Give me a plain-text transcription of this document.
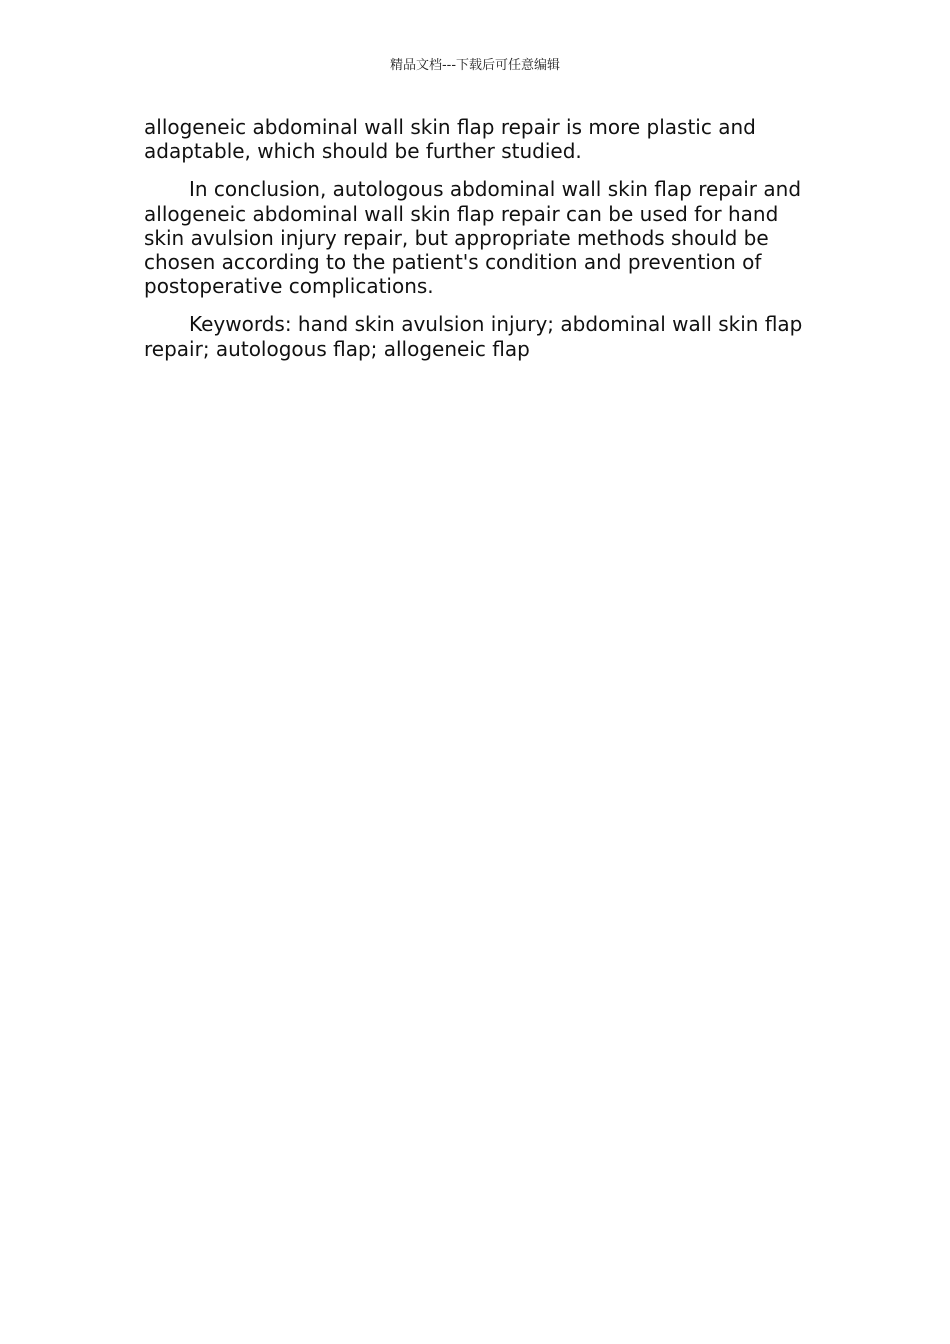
精品文档---下载后可任意编辑

allogeneic abdominal wall skin flap repair is more plastic and adaptable, which should be further studied.

In conclusion, autologous abdominal wall skin flap repair and allogeneic abdominal wall skin flap repair can be used for hand skin avulsion injury repair, but appropriate methods should be chosen according to the patient's condition and prevention of postoperative complications.

Keywords: hand skin avulsion injury; abdominal wall skin flap repair; autologous flap; allogeneic flap
